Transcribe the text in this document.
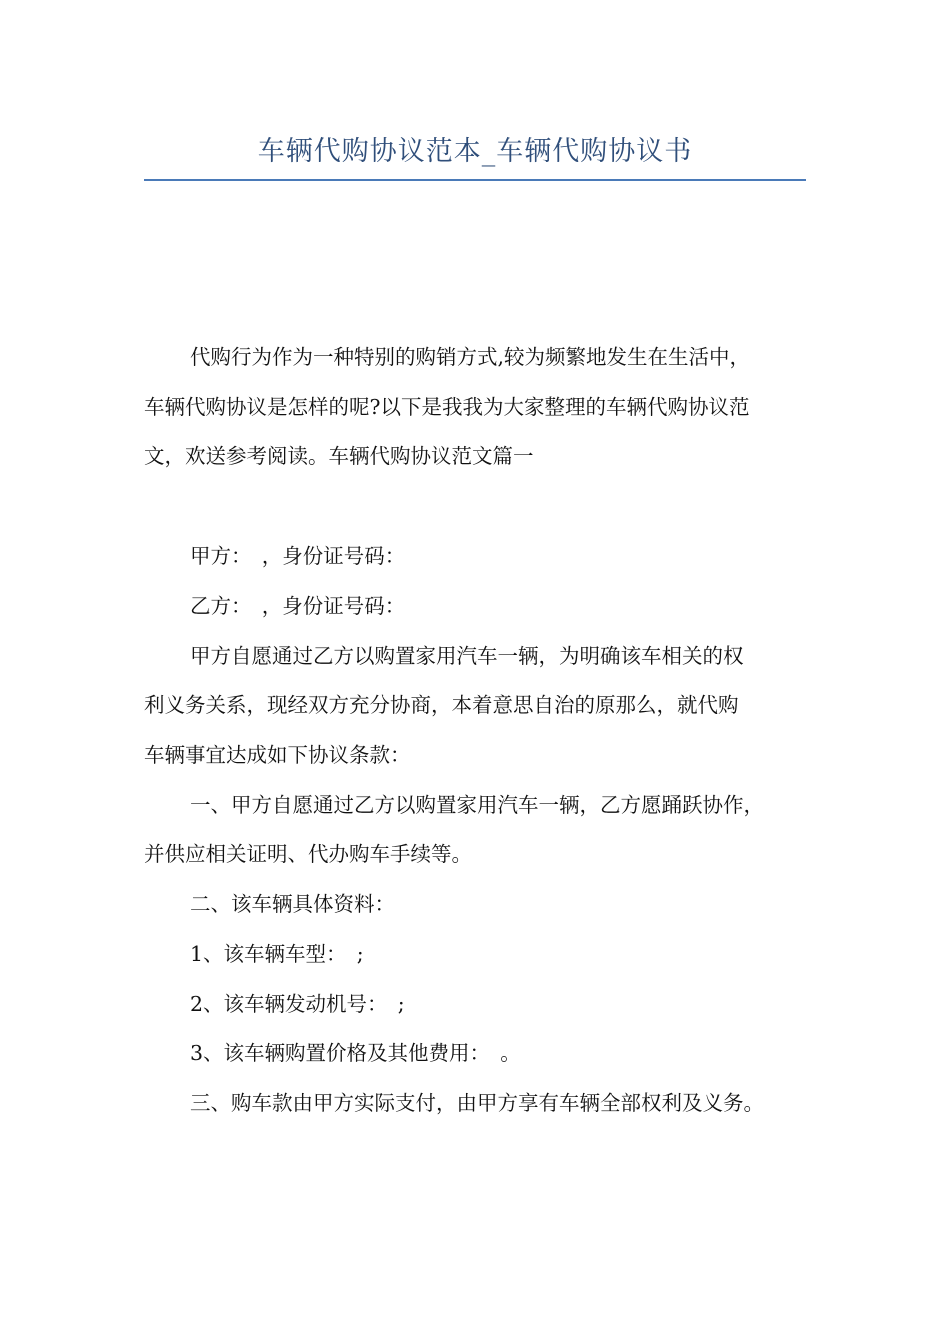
车辆代购协议范本_车辆代购协议书

代购行为作为一种特别的购销方式,较为频繁地发生在生活中，

车辆代购协议是怎样的呢?以下是我我为大家整理的车辆代购协议范

文，欢送参考阅读。车辆代购协议范文篇一

甲方：　，身份证号码：

乙方：　，身份证号码：

甲方自愿通过乙方以购置家用汽车一辆，为明确该车相关的权

利义务关系，现经双方充分协商，本着意思自治的原那么，就代购

车辆事宜达成如下协议条款：

一、甲方自愿通过乙方以购置家用汽车一辆，乙方愿踊跃协作，

并供应相关证明、代办购车手续等。

二、该车辆具体资料：

1、该车辆车型：　;

2、该车辆发动机号：　;

3、该车辆购置价格及其他费用：　。

三、购车款由甲方实际支付，由甲方享有车辆全部权利及义务。
